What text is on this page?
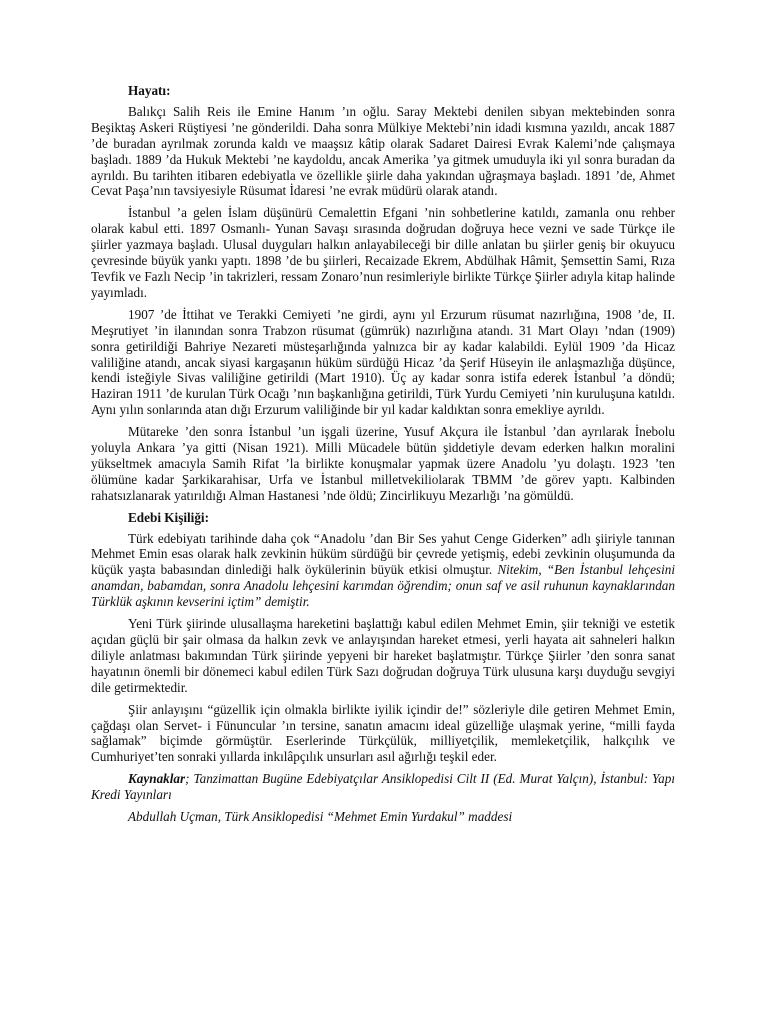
Hayatı:

Balıkçı Salih Reis ile Emine Hanım ’ın oğlu. Saray Mektebi denilen sıbyan mektebinden sonra Beşiktaş Askeri Rüştiyesi ’ne gönderildi. Daha sonra Mülkiye Mektebi’nin idadi kısmına yazıldı, ancak 1887 ’de buradan ayrılmak zorunda kaldı ve maaşsız kâtip olarak Sadaret Dairesi Evrak Kalemi’nde çalışmaya başladı. 1889 ’da Hukuk Mektebi ’ne kaydoldu, ancak Amerika ’ya gitmek umuduyla iki yıl sonra buradan da ayrıldı. Bu tarihten itibaren edebiyatla ve özellikle şiirle daha yakından uğraşmaya başladı. 1891 ’de, Ahmet Cevat Paşa’nın tavsiyesiyle Rüsumat İdaresi ’ne evrak müdürü olarak atandı.

İstanbul ’a gelen İslam düşünürü Cemalettin Efgani ’nin sohbetlerine katıldı, zamanla onu rehber olarak kabul etti. 1897 Osmanlı- Yunan Savaşı sırasında doğrudan doğruya hece vezni ve sade Türkçe ile şiirler yazmaya başladı. Ulusal duyguları halkın anlayabileceği bir dille anlatan bu şiirler geniş bir okuyucu çevresinde büyük yankı yaptı. 1898 ’de bu şiirleri, Recaizade Ekrem, Abdülhak Hâmit, Şemsettin Sami, Rıza Tevfik ve Fazlı Necip ’in takrizleri, ressam Zonaro’nun resimleriyle birlikte Türkçe Şiirler adıyla kitap halinde yayımladı.

1907 ’de İttihat ve Terakki Cemiyeti ’ne girdi, aynı yıl Erzurum rüsumat nazırlığına, 1908 ’de, II. Meşrutiyet ’in ilanından sonra Trabzon rüsumat (gümrük) nazırlığına atandı. 31 Mart Olayı ’ndan (1909) sonra getirildiği Bahriye Nezareti müsteşarlığında yalnızca bir ay kadar kalabildi. Eylül 1909 ’da Hicaz valiliğine atandı, ancak siyasi kargaşanın hüküm sürdüğü Hicaz ’da Şerif Hüseyin ile anlaşmazlığa düşünce, kendi isteğiyle Sivas valiliğine getirildi (Mart 1910). Üç ay kadar sonra istifa ederek İstanbul ’a döndü; Haziran 1911 ’de kurulan Türk Ocağı ’nın başkanlığına getirildi, Türk Yurdu Cemiyeti ’nin kuruluşuna katıldı. Aynı yılın sonlarında atan dığı Erzurum valiliğinde bir yıl kadar kaldıktan sonra emekliye ayrıldı.

Mütareke ’den sonra İstanbul ’un işgali üzerine, Yusuf Akçura ile İstanbul ’dan ayrılarak İnebolu yoluyla Ankara ’ya gitti (Nisan 1921). Milli Mücadele bütün şiddetiyle devam ederken halkın moralini yükseltmek amacıyla Samih Rifat ’la birlikte konuşmalar yapmak üzere Anadolu ’yu dolaştı. 1923 ’ten ölümüne kadar Şarkikarahisar, Urfa ve İstanbul milletvekiliolarak TBMM ’de görev yaptı. Kalbinden rahatsızlanarak yatırıldığı Alman Hastanesi ’nde öldü; Zincirlikuyu Mezarlığı ’na gömüldü.

Edebi Kişiliği:

Türk edebiyatı tarihinde daha çok “Anadolu ’dan Bir Ses yahut Cenge Giderken” adlı şiiriyle tanınan Mehmet Emin esas olarak halk zevkinin hüküm sürdüğü bir çevrede yetişmiş, edebi zevkinin oluşumunda da küçük yaşta babasından dinlediği halk öykülerinin büyük etkisi olmuştur. Nitekim, “Ben İstanbul lehçesini anamdan, babamdan, sonra Anadolu lehçesini karımdan öğrendim; onun saf ve asil ruhunun kaynaklarından Türklük aşkının kevserini içtim” demiştir.

Yeni Türk şiirinde ulusallaşma hareketini başlattığı kabul edilen Mehmet Emin, şiir tekniği ve estetik açıdan güçlü bir şair olmasa da halkın zevk ve anlayışından hareket etmesi, yerli hayata ait sahneleri halkın diliyle anlatması bakımından Türk şiirinde yepyeni bir hareket başlatmıştır. Türkçe Şiirler ’den sonra sanat hayatının önemli bir dönemeci kabul edilen Türk Sazı doğrudan doğruya Türk ulusuna karşı duyduğu sevgiyi dile getirmektedir.

Şiir anlayışını “güzellik için olmakla birlikte iyilik içindir de!” sözleriyle dile getiren Mehmet Emin, çağdaşı olan Servet- i Fünuncular ’ın tersine, sanatın amacını ideal güzelliğe ulaşmak yerine, “milli fayda sağlamak” biçimde görmüştür. Eserlerinde Türkçülük, milliyetçilik, memleketçilik, halkçılık ve Cumhuriyet’ten sonraki yıllarda inkılâpçılık unsurları asıl ağırlığı teşkil eder.

Kaynaklar; Tanzimattan Bugüne Edebiyatçılar Ansiklopedisi Cilt II (Ed. Murat Yalçın), İstanbul: Yapı Kredi Yayınları

Abdullah Uçman, Türk Ansiklopedisi “Mehmet Emin Yurdakul” maddesi
